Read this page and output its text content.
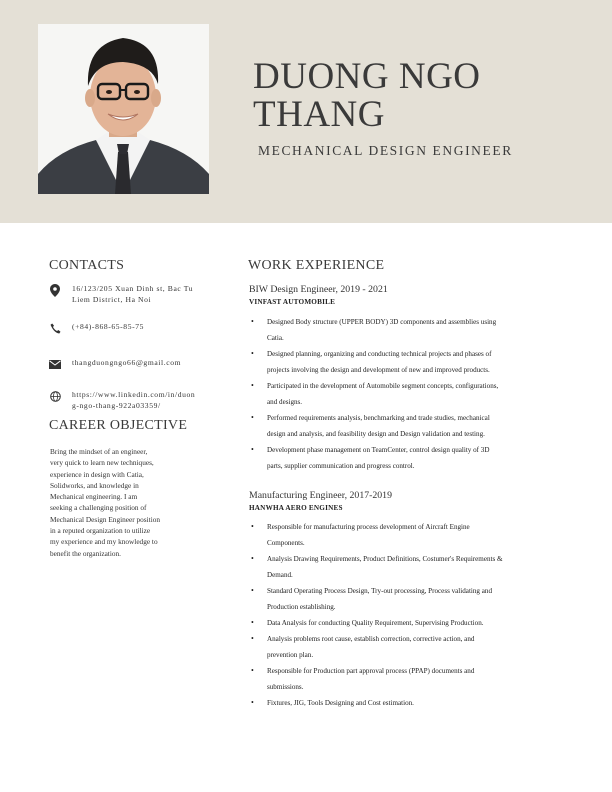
DUONG NGO
THANG
MECHANICAL DESIGN ENGINEER
CONTACTS
16/123/205 Xuan Dinh st, Bac Tu Liem District, Ha Noi
(+84)-868-65-85-75
thangduongngo66@gmail.com
https://www.linkedin.com/in/duong-ngo-thang-922a03359/
CAREER OBJECTIVE
Bring the mindset of an engineer,
very quick to learn new techniques,
experience in design with Catia,
Solidworks, and knowledge in
Mechanical engineering. I am
seeking a challenging position of
Mechanical Design Engineer position
in a reputed organization to utilize
my experience and my knowledge to
benefit the organization.
WORK EXPERIENCE
BIW Design Engineer, 2019 - 2021
VINFAST AUTOMOBILE
• Designed Body structure (UPPER BODY) 3D components and assemblies using
Catia.
• Designed planning, organizing and conducting technical projects and phases of
projects involving the design and development of new and improved products.
• Participated in the development of Automobile segment concepts, configurations,
and designs.
• Performed requirements analysis, benchmarking and trade studies, mechanical
design and analysis, and feasibility design and Design validation and testing.
• Development phase management on TeamCenter, control design quality of 3D
parts, supplier communication and progress control.
Manufacturing Engineer, 2017-2019
HANWHA AERO ENGINES
• Responsible for manufacturing process development of Aircraft Engine
Components.
• Analysis Drawing Requirements, Product Definitions, Costumer's Requirements &
Demand.
• Standard Operating Process Design, Try-out processing, Process validating and
Production establishing.
• Data Analysis for conducting Quality Requirement, Supervising Production.
• Analysis problems root cause, establish correction, corrective action, and
prevention plan.
• Responsible for Production part approval process (PPAP) documents and
submissions.
• Fixtures, JIG, Tools Designing and Cost estimation.
